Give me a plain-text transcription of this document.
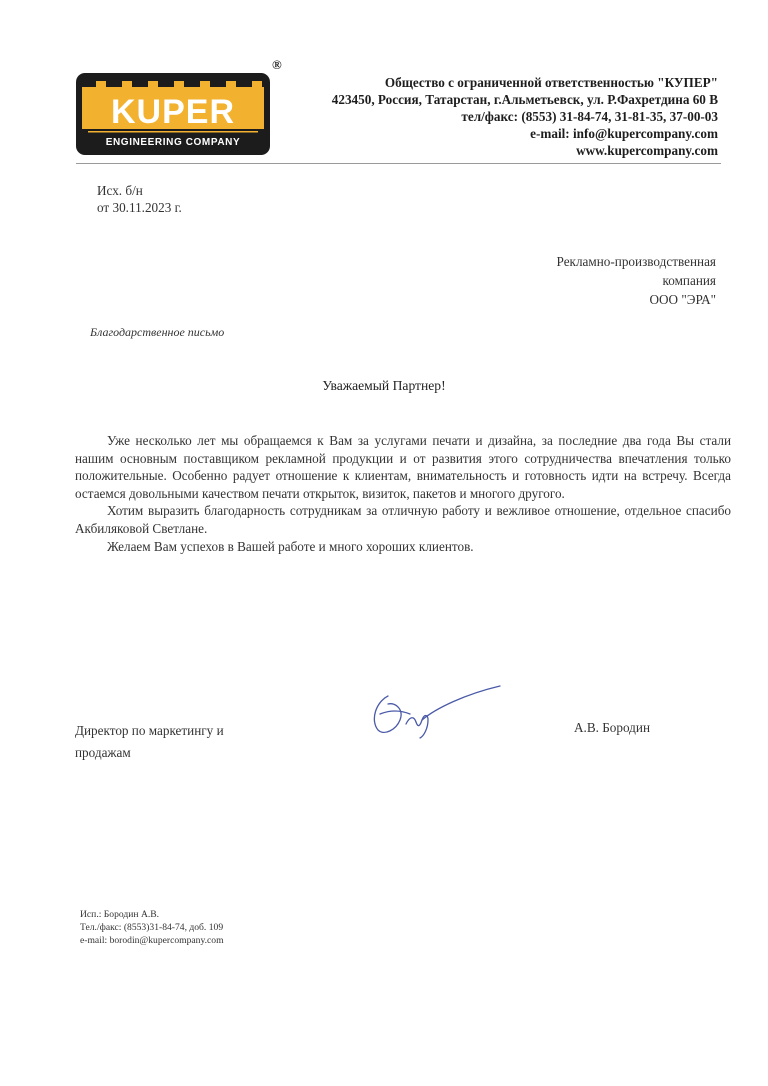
KUPER
ENGINEERING COMPANY
®
Общество с ограниченной ответственностью "КУПЕР"
423450, Россия, Татарстан, г.Альметьевск, ул. Р.Фахретдина 60 В
тел/факс: (8553) 31-84-74, 31-81-35, 37-00-03
e-mail: info@kupercompany.com
www.kupercompany.com
Исх. б/н
от 30.11.2023 г.
Рекламно-производственная
компания
ООО "ЭРА"
Благодарственное письмо
Уважаемый Партнер!

Уже несколько лет мы обращаемся к Вам за услугами печати и дизайна, за последние два года Вы стали нашим основным поставщиком рекламной продукции и от развития этого сотрудничества впечатления только положительные. Особенно радует отношение к клиентам, внимательность и готовность идти на встречу. Всегда остаемся довольными качеством печати открыток, визиток, пакетов и многого другого.

Хотим выразить благодарность сотрудникам за отличную работу и вежливое отношение, отдельное спасибо Акбиляковой Светлане.

Желаем Вам успехов в Вашей работе и много хороших клиентов.

Директор по маркетингу и
продажам
А.В. Бородин
Исп.: Бородин А.В.
Тел./факс: (8553)31-84-74, доб. 109
e-mail: borodin@kupercompany.com
